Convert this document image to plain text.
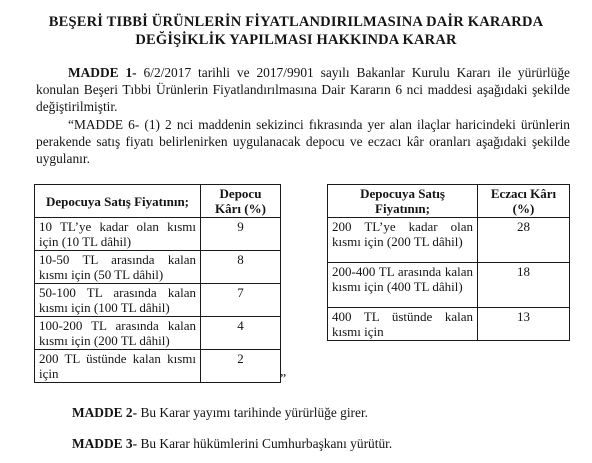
BEŞERİ TIBBİ ÜRÜNLERİN FİYATLANDIRILMASINA DAİR KARARDA
DEĞİŞİKLİK YAPILMASI HAKKINDA KARAR
MADDE 1- 6/2/2017 tarihli ve 2017/9901 sayılı Bakanlar Kurulu Kararı ile yürürlüğe konulan Beşeri Tıbbi Ürünlerin Fiyatlandırılmasına Dair Kararın 6 nci maddesi aşağıdaki şekilde değiştirilmiştir.
“MADDE 6- (1) 2 nci maddenin sekizinci fıkrasında yer alan ilaçlar haricindeki ürünlerin perakende satış fiyatı belirlenirken uygulanacak depocu ve eczacı kâr oranları aşağıdaki şekilde uygulanır.
Depocuya Satış Fiyatının;	Depocu Kârı (%)
10 TL’ye kadar olan kısmı için (10 TL dâhil)	9
10-50 TL arasında kalan kısmı için (50 TL dâhil)	8
50-100 TL arasında kalan kısmı için (100 TL dâhil)	7
100-200 TL arasında kalan kısmı için (200 TL dâhil)	4
200 TL üstünde kalan kısmı için	2
Depocuya Satış Fiyatının;	Eczacı Kârı (%)
200 TL’ye kadar olan kısmı için (200 TL dâhil)	28
200-400 TL arasında kalan kısmı için (400 TL dâhil)	18
400 TL üstünde kalan kısmı için	13
”
MADDE 2- Bu Karar yayımı tarihinde yürürlüğe girer.
MADDE 3- Bu Karar hükümlerini Cumhurbaşkanı yürütür.
